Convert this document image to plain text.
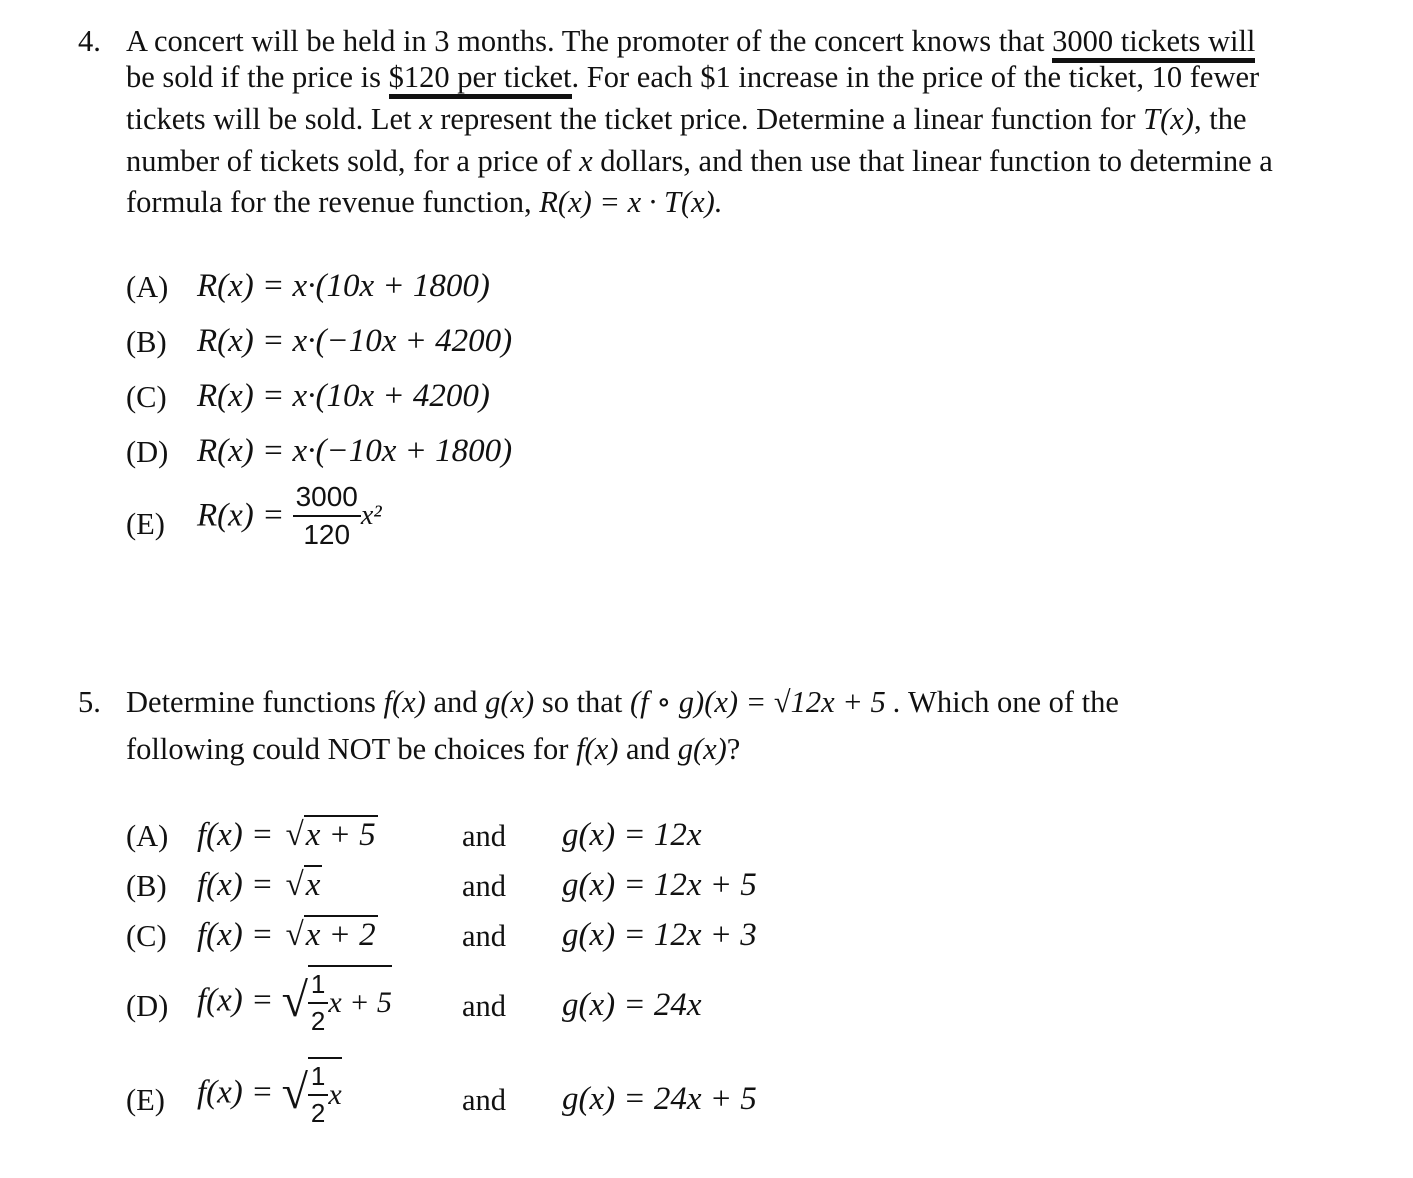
4. A concert will be held in 3 months. The promoter of the concert knows that 3000 tickets will
be sold if the price is $120 per ticket. For each $1 increase in the price of the ticket, 10 fewer
tickets will be sold. Let x represent the ticket price. Determine a linear function for T(x), the
number of tickets sold, for a price of x dollars, and then use that linear function to determine a
formula for the revenue function, R(x) = x · T(x).
(A) R(x) = x·(10x + 1800)
(B) R(x) = x·(−10x + 4200)
(C) R(x) = x·(10x + 4200)
(D) R(x) = x·(−10x + 1800)
(E) $R(x) = \frac{3000}{120} x^2$
5. Determine functions f(x) and g(x) so that (f ∘ g)(x) = √12x + 5 . Which one of the
following could NOT be choices for f(x) and g(x)?
(A) f(x) = √x + 5	and g(x) = 12x
(B) f(x) = √x	and g(x) = 12x + 5
(C) f(x) = √x + 2	and g(x) = 12x + 3
(D) f(x) = √ $\frac{1}{2}$ x + 5 and g(x) = 24x
(E) f(x) = √ $\frac{1}{2}$ x	and g(x) = 24x + 5
